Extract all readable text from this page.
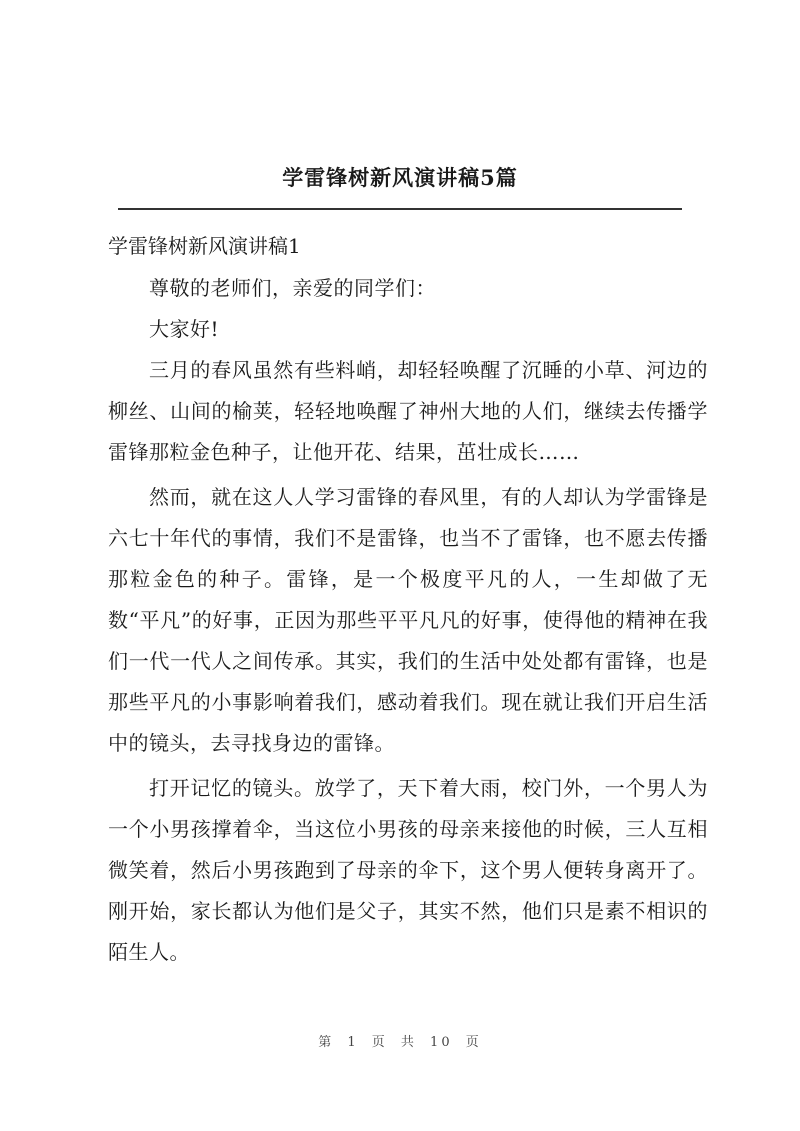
学雷锋树新风演讲稿5篇
学雷锋树新风演讲稿1

尊敬的老师们，亲爱的同学们：

大家好!

三月的春风虽然有些料峭，却轻轻唤醒了沉睡的小草、河边的柳丝、山间的榆荚，轻轻地唤醒了神州大地的人们，继续去传播学雷锋那粒金色种子，让他开花、结果，茁壮成长……

然而，就在这人人学习雷锋的春风里，有的人却认为学雷锋是六七十年代的事情，我们不是雷锋，也当不了雷锋，也不愿去传播那粒金色的种子。雷锋，是一个极度平凡的人，一生却做了无数“平凡”的好事，正因为那些平平凡凡的好事，使得他的精神在我们一代一代人之间传承。其实，我们的生活中处处都有雷锋，也是那些平凡的小事影响着我们，感动着我们。现在就让我们开启生活中的镜头，去寻找身边的雷锋。

打开记忆的镜头。放学了，天下着大雨，校门外，一个男人为一个小男孩撑着伞，当这位小男孩的母亲来接他的时候，三人互相微笑着，然后小男孩跑到了母亲的伞下，这个男人便转身离开了。刚开始，家长都认为他们是父子，其实不然，他们只是素不相识的陌生人。

第 1 页 共 10 页
